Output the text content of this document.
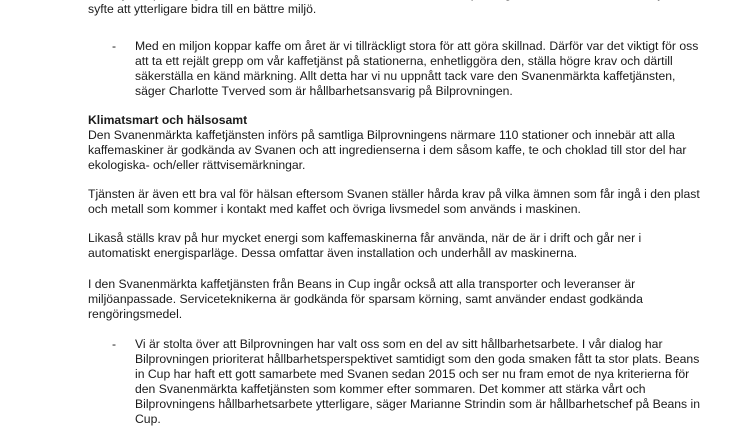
syfte att ytterligare bidra till en bättre miljö.
- Med en miljon koppar kaffe om året är vi tillräckligt stora för att göra skillnad. Därför var det viktigt för oss
att ta ett rejält grepp om vår kaffetjänst på stationerna, enhetliggöra den, ställa högre krav och därtill
säkerställa en känd märkning. Allt detta har vi nu uppnått tack vare den Svanenmärkta kaffetjänsten,
säger Charlotte Tverved som är hållbarhetsansvarig på Bilprovningen.
Klimatsmart och hälsosamt
Den Svanenmärkta kaffetjänsten införs på samtliga Bilprovningens närmare 110 stationer och innebär att alla
kaffemaskiner är godkända av Svanen och att ingredienserna i dem såsom kaffe, te och choklad till stor del har
ekologiska- och/eller rättvisemärkningar.
Tjänsten är även ett bra val för hälsan eftersom Svanen ställer hårda krav på vilka ämnen som får ingå i den plast
och metall som kommer i kontakt med kaffet och övriga livsmedel som används i maskinen.
Likaså ställs krav på hur mycket energi som kaffemaskinerna får använda, när de är i drift och går ner i
automatiskt energisparläge. Dessa omfattar även installation och underhåll av maskinerna.
I den Svanenmärkta kaffetjänsten från Beans in Cup ingår också att alla transporter och leveranser är
miljöanpassade. Serviceteknikerna är godkända för sparsam körning, samt använder endast godkända
rengöringsmedel.
- Vi är stolta över att Bilprovningen har valt oss som en del av sitt hållbarhetsarbete. I vår dialog har
Bilprovningen prioriterat hållbarhetsperspektivet samtidigt som den goda smaken fått ta stor plats. Beans
in Cup har haft ett gott samarbete med Svanen sedan 2015 och ser nu fram emot de nya kriterierna för
den Svanenmärkta kaffetjänsten som kommer efter sommaren. Det kommer att stärka vårt och
Bilprovningens hållbarhetsarbete ytterligare, säger Marianne Strindin som är hållbarhetschef på Beans in
Cup.
